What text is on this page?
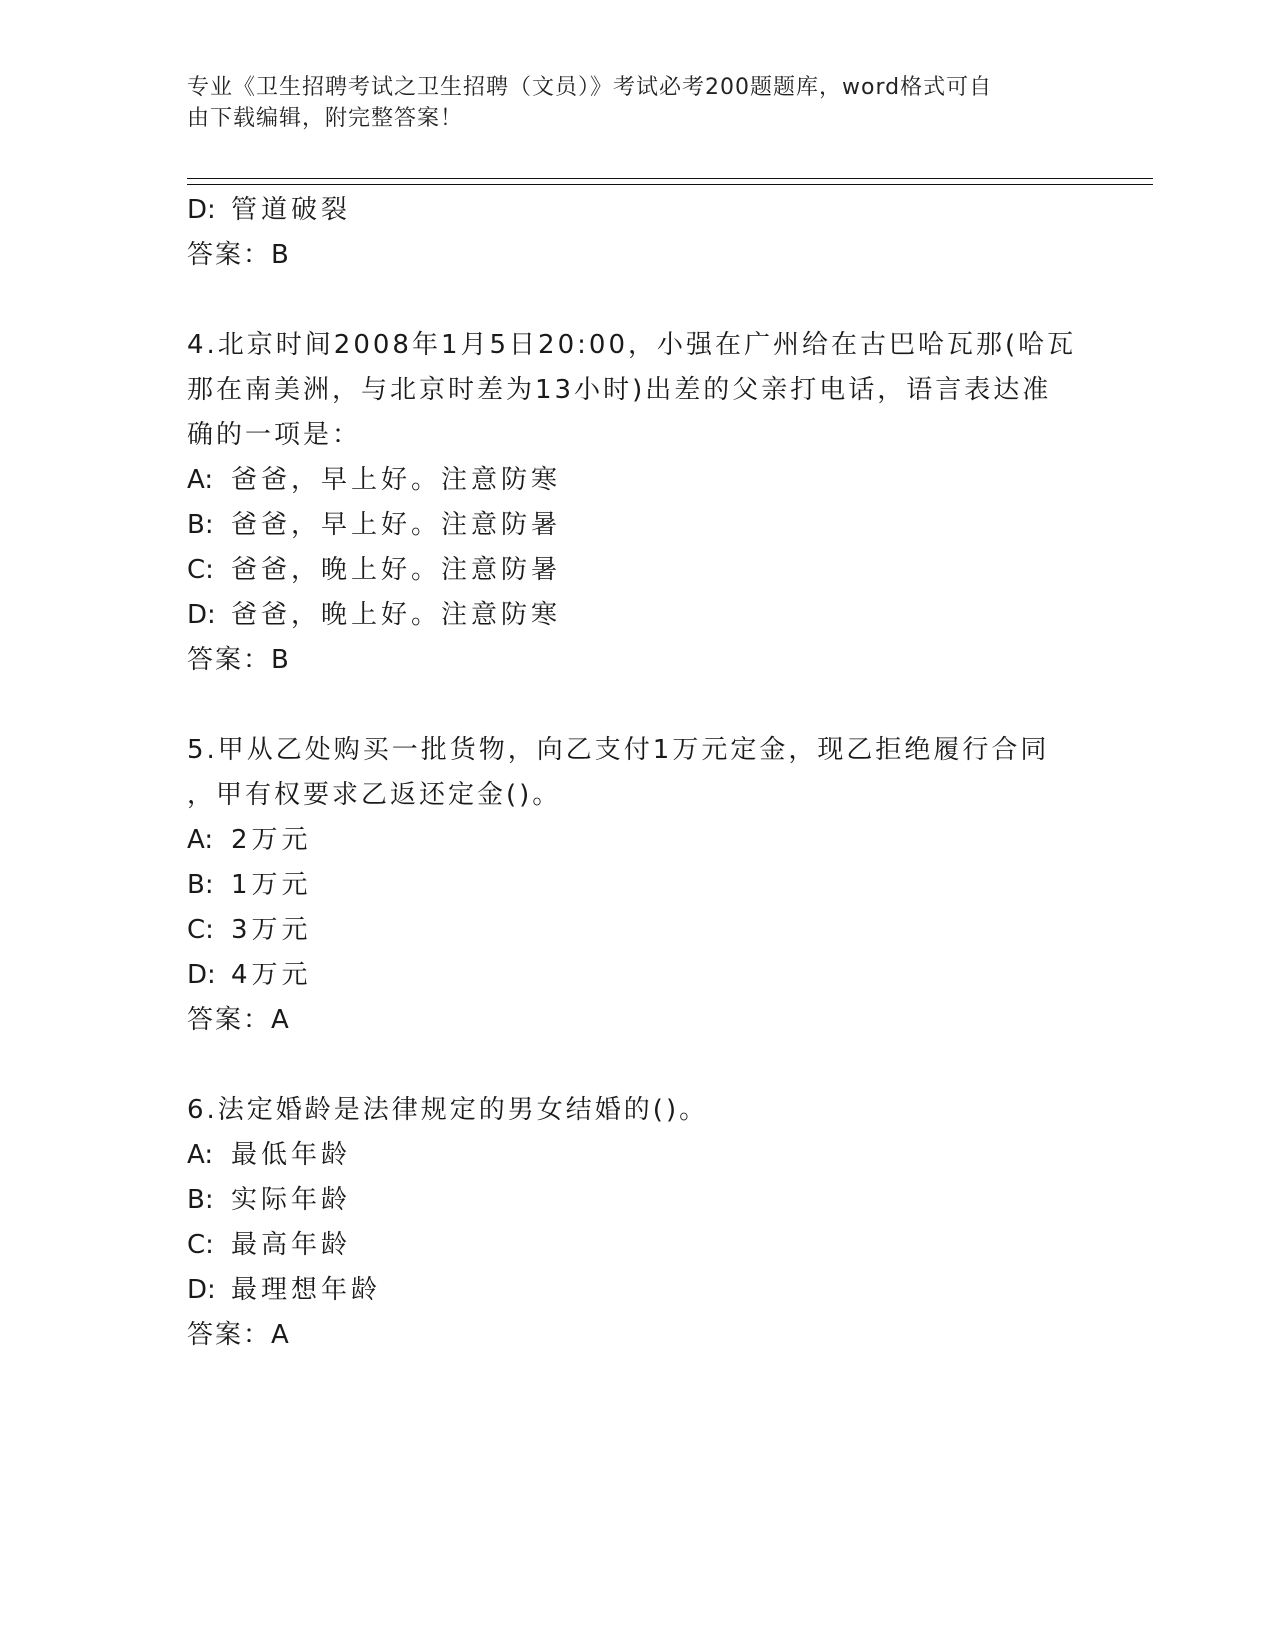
专业《卫生招聘考试之卫生招聘（文员）》考试必考200题题库，word格式可自
由下载编辑，附完整答案！
D: 管道破裂
答案：B
4.北京时间2008年1月5日20:00，小强在广州给在古巴哈瓦那(哈瓦
那在南美洲，与北京时差为13小时)出差的父亲打电话，语言表达准
确的一项是：
A: 爸爸，早上好。注意防寒
B: 爸爸，早上好。注意防暑
C: 爸爸，晚上好。注意防暑
D: 爸爸，晚上好。注意防寒
答案：B
5.甲从乙处购买一批货物，向乙支付1万元定金，现乙拒绝履行合同
，甲有权要求乙返还定金()。
A: 2万元
B: 1万元
C: 3万元
D: 4万元
答案：A
6.法定婚龄是法律规定的男女结婚的()。
A: 最低年龄
B: 实际年龄
C: 最高年龄
D: 最理想年龄
答案：A
